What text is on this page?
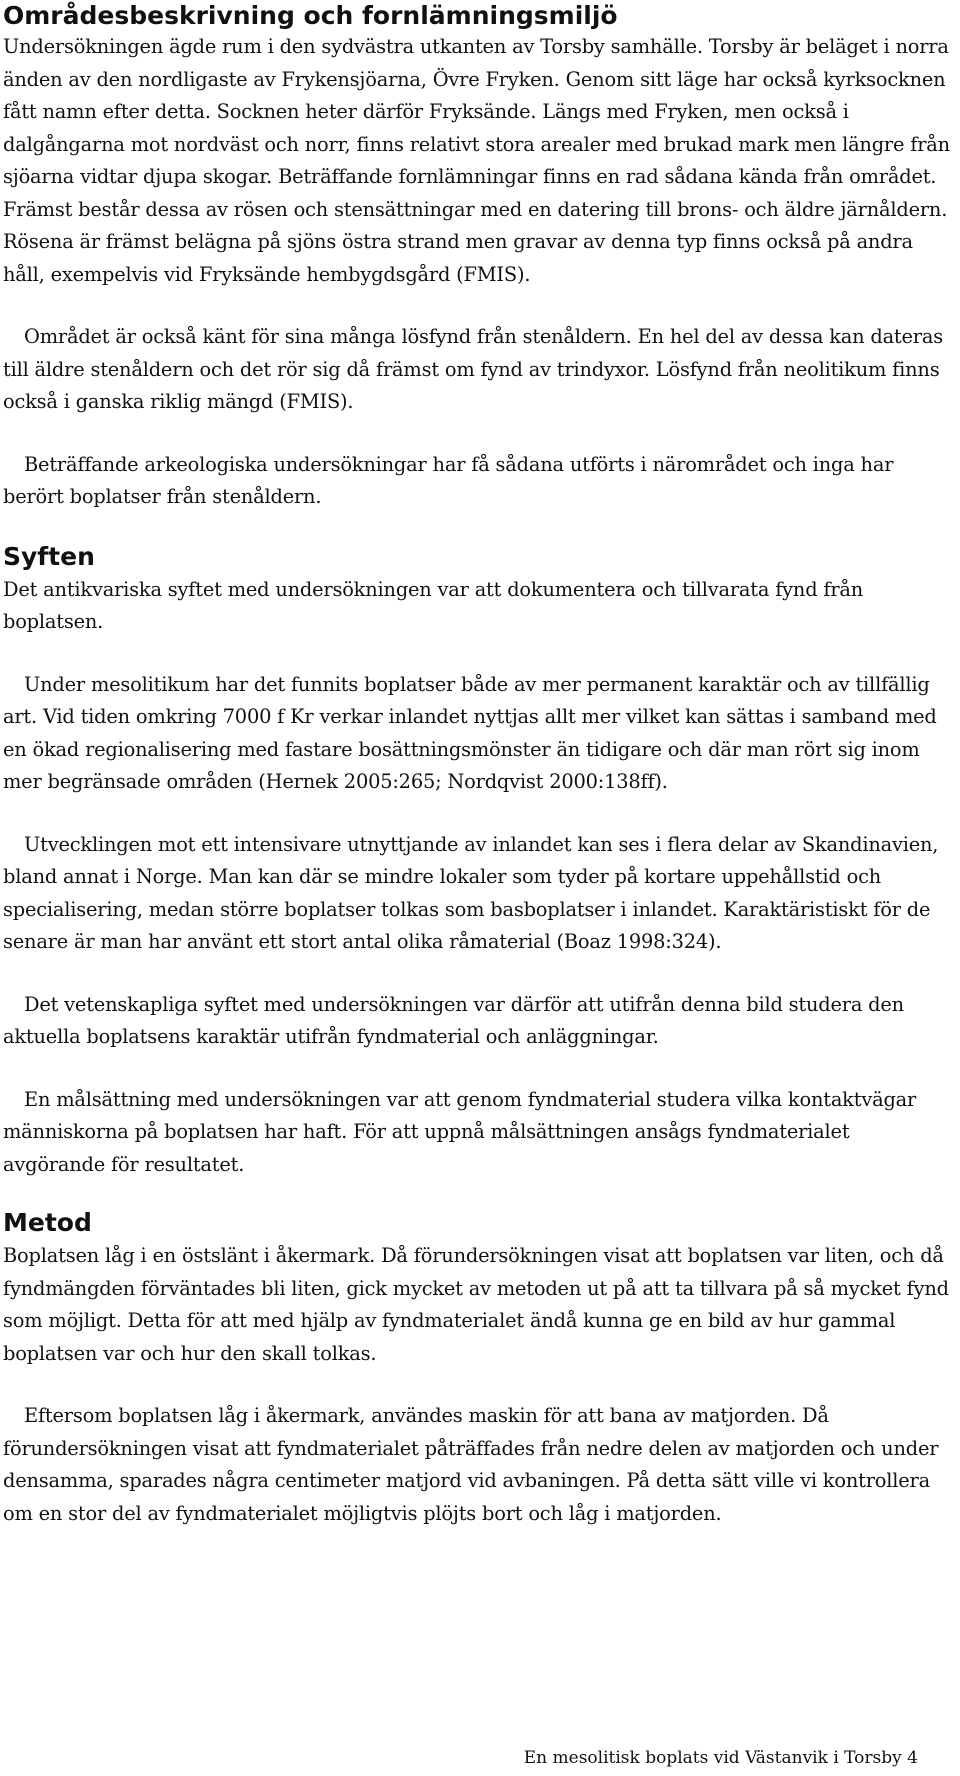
Områdesbeskrivning och fornlämningsmiljö

Undersökningen ägde rum i den sydvästra utkanten av Torsby samhälle. Torsby är beläget i norra änden av den nordligaste av Frykensjöarna, Övre Fryken. Genom sitt läge har också kyrksocknen fått namn efter detta. Socknen heter därför Fryksände. Längs med Fryken, men också i dalgångarna mot nordväst och norr, finns relativt stora arealer med brukad mark men längre från sjöarna vidtar djupa skogar. Beträffande fornlämningar finns en rad sådana kända från området. Främst består dessa av rösen och stensättningar med en datering till brons- och äldre järnåldern. Rösena är främst belägna på sjöns östra strand men gravar av denna typ finns också på andra håll, exempelvis vid Fryksände hembygdsgård (FMIS).

Området är också känt för sina många lösfynd från stenåldern. En hel del av dessa kan dateras till äldre stenåldern och det rör sig då främst om fynd av trindyxor. Lösfynd från neolitikum finns också i ganska riklig mängd (FMIS).

Beträffande arkeologiska undersökningar har få sådana utförts i närområdet och inga har berört boplatser från stenåldern.

Syften

Det antikvariska syftet med undersökningen var att dokumentera och tillvarata fynd från boplatsen.

Under mesolitikum har det funnits boplatser både av mer permanent karaktär och av tillfällig art. Vid tiden omkring 7000 f Kr verkar inlandet nyttjas allt mer vilket kan sättas i samband med en ökad regionalisering med fastare bosättningsmönster än tidigare och där man rört sig inom mer begränsade områden (Hernek 2005:265; Nordqvist 2000:138ff).

Utvecklingen mot ett intensivare utnyttjande av inlandet kan ses i flera delar av Skandinavien, bland annat i Norge. Man kan där se mindre lokaler som tyder på kortare uppehållstid och specialisering, medan större boplatser tolkas som basboplatser i inlandet. Karaktäristiskt för de senare är man har använt ett stort antal olika råmaterial (Boaz 1998:324).

Det vetenskapliga syftet med undersökningen var därför att utifrån denna bild studera den aktuella boplatsens karaktär utifrån fyndmaterial och anläggningar.

En målsättning med undersökningen var att genom fyndmaterial studera vilka kontaktvägar människorna på boplatsen har haft. För att uppnå målsättningen ansågs fyndmaterialet avgörande för resultatet.

Metod

Boplatsen låg i en östslänt i åkermark. Då förundersökningen visat att boplatsen var liten, och då fyndmängden förväntades bli liten, gick mycket av metoden ut på att ta tillvara på så mycket fynd som möjligt. Detta för att med hjälp av fyndmaterialet ändå kunna ge en bild av hur gammal boplatsen var och hur den skall tolkas.

Eftersom boplatsen låg i åkermark, användes maskin för att bana av matjorden. Då förundersökningen visat att fyndmaterialet påträffades från nedre delen av matjorden och under densamma, sparades några centimeter matjord vid avbaningen. På detta sätt ville vi kontrollera om en stor del av fyndmaterialet möjligtvis plöjts bort och låg i matjorden.

En mesolitisk boplats vid Västanvik i Torsby 4
